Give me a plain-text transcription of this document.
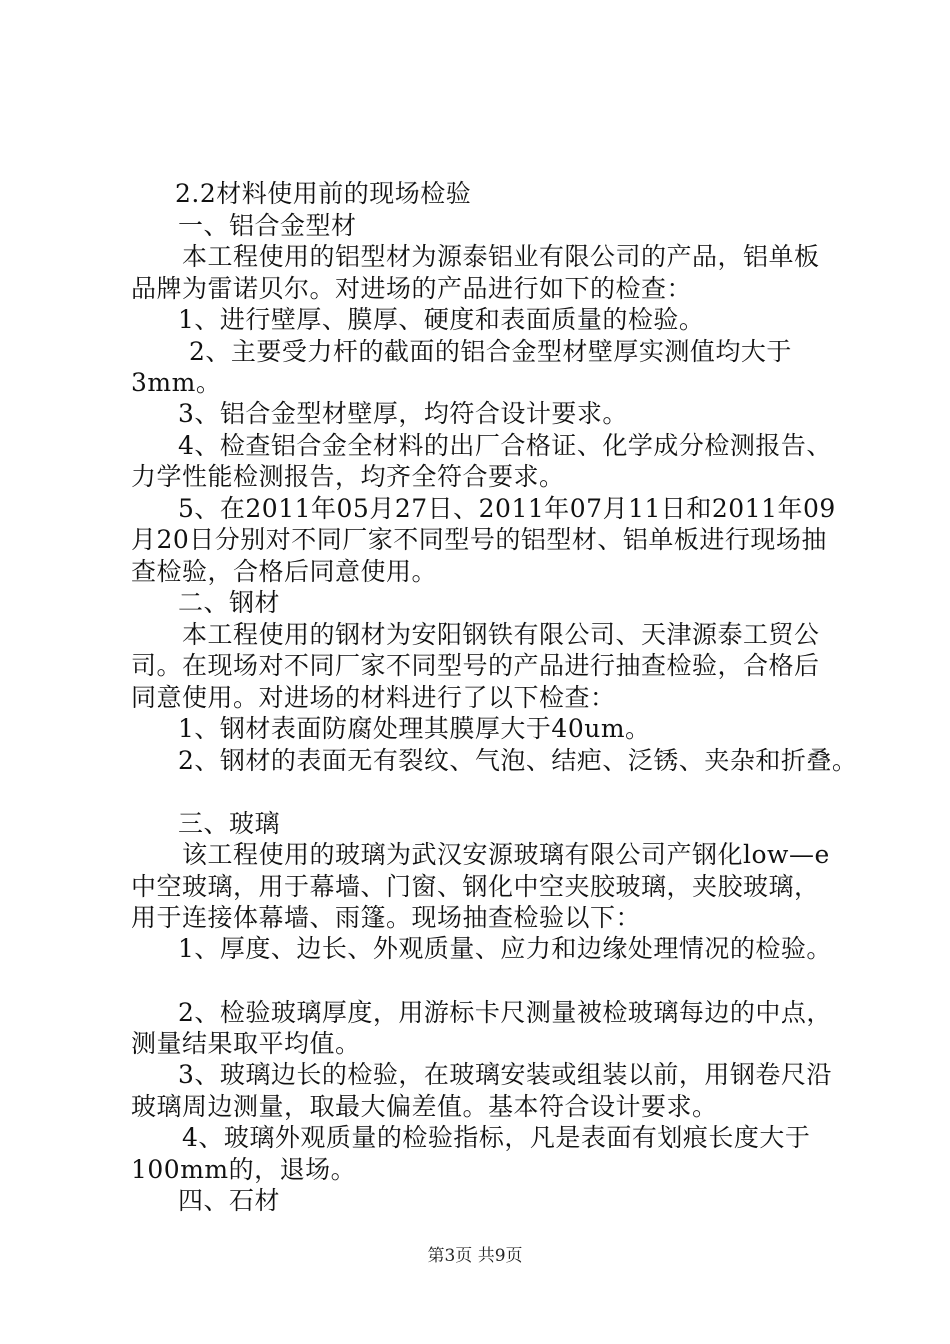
2.2材料使用前的现场检验
一、铝合金型材
本工程使用的铝型材为源泰铝业有限公司的产品，铝单板
品牌为雷诺贝尔。对进场的产品进行如下的检查：
1、进行壁厚、膜厚、硬度和表面质量的检验。
2、主要受力杆的截面的铝合金型材壁厚实测值均大于
3mm。
3、铝合金型材壁厚，均符合设计要求。
4、检查铝合金全材料的出厂合格证、化学成分检测报告、
力学性能检测报告，均齐全符合要求。
5、在2011年05月27日、2011年07月11日和2011年09
月20日分别对不同厂家不同型号的铝型材、铝单板进行现场抽
查检验，合格后同意使用。
二、钢材
本工程使用的钢材为安阳钢铁有限公司、天津源泰工贸公
司。在现场对不同厂家不同型号的产品进行抽查检验，合格后
同意使用。对进场的材料进行了以下检查：
1、钢材表面防腐处理其膜厚大于40um。
2、钢材的表面无有裂纹、气泡、结疤、泛锈、夹杂和折叠。
三、玻璃
该工程使用的玻璃为武汉安源玻璃有限公司产钢化low—e
中空玻璃，用于幕墙、门窗、钢化中空夹胶玻璃，夹胶玻璃，
用于连接体幕墙、雨篷。现场抽查检验以下：
1、厚度、边长、外观质量、应力和边缘处理情况的检验。
2、检验玻璃厚度，用游标卡尺测量被检玻璃每边的中点，
测量结果取平均值。
3、玻璃边长的检验，在玻璃安装或组装以前，用钢卷尺沿
玻璃周边测量，取最大偏差值。基本符合设计要求。
4、玻璃外观质量的检验指标，凡是表面有划痕长度大于
100mm的，退场。
四、石材
第3页 共9页
